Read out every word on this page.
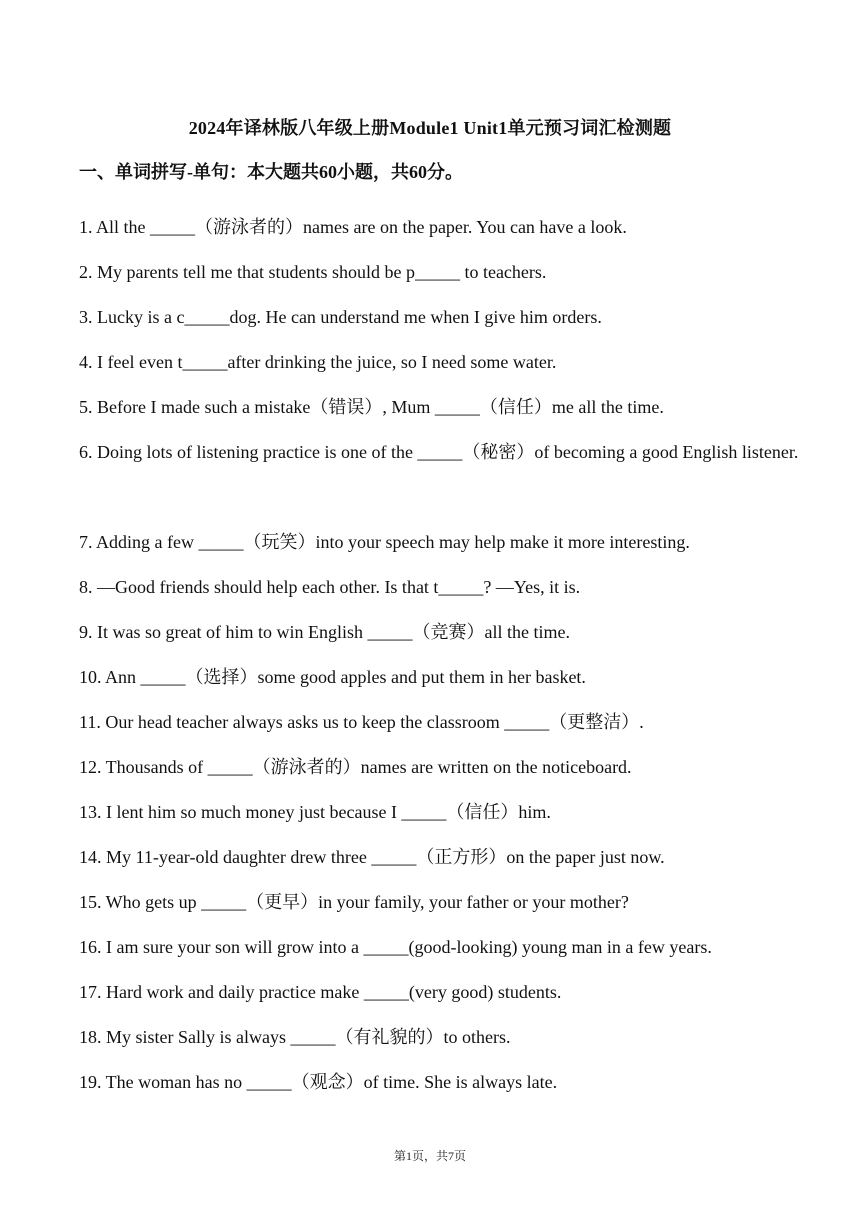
2024年译林版八年级上册Module1 Unit1单元预习词汇检测题
一、单词拼写-单句：本大题共60小题，共60分。
1. All the _____（游泳者的）names are on the paper. You can have a look.
2. My parents tell me that students should be p_____ to teachers.
3. Lucky is a c_____dog. He can understand me when I give him orders.
4. I feel even t_____after drinking the juice, so I need some water.
5. Before I made such a mistake（错误）, Mum _____（信任）me all the time.
6. Doing lots of listening practice is one of the _____（秘密）of becoming a good English listener.
7. Adding a few _____（玩笑）into your speech may help make it more interesting.
8. —Good friends should help each other. Is that t_____? —Yes, it is.
9. It was so great of him to win English _____（竞赛）all the time.
10. Ann _____（选择）some good apples and put them in her basket.
11. Our head teacher always asks us to keep the classroom _____（更整洁）.
12. Thousands of _____（游泳者的）names are written on the noticeboard.
13. I lent him so much money just because I _____（信任）him.
14. My 11-year-old daughter drew three _____（正方形）on the paper just now.
15. Who gets up _____（更早）in your family, your father or your mother?
16. I am sure your son will grow into a _____(good-looking) young man in a few years.
17. Hard work and daily practice make _____(very good) students.
18. My sister Sally is always _____（有礼貌的）to others.
19. The woman has no _____（观念）of time. She is always late.
第1页，共7页
